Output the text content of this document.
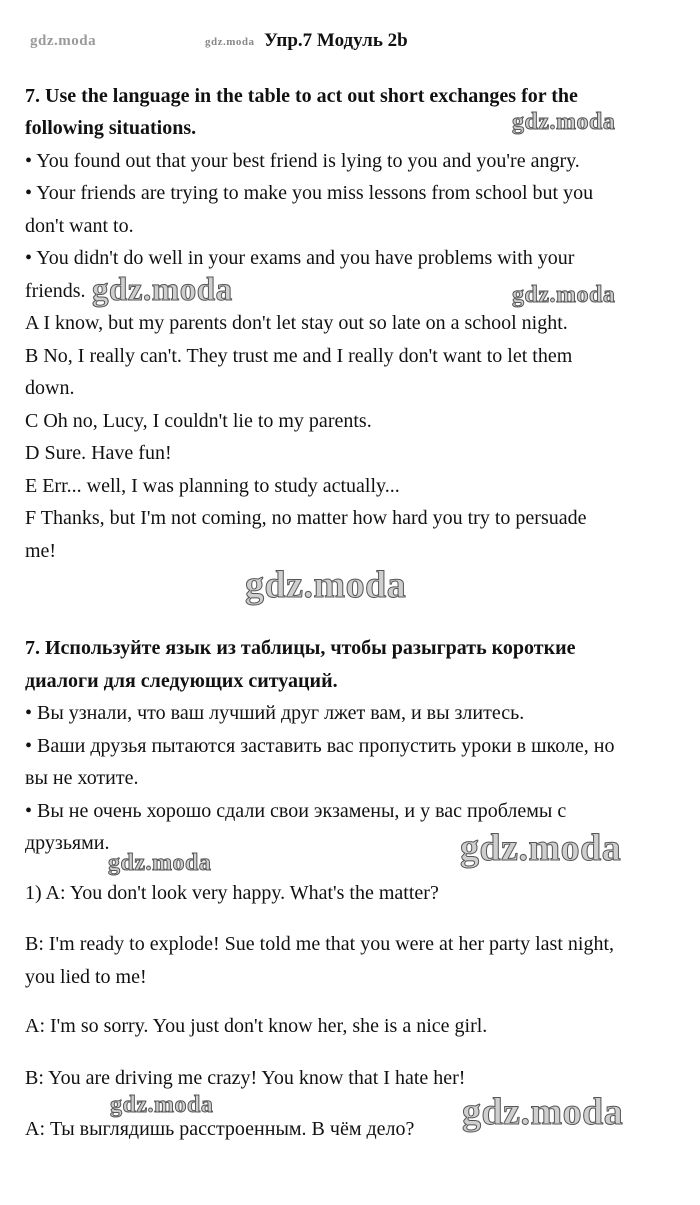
gdz.moda	gdz.moda Упр.7 Модуль 2b

7. Use the language in the table to act out short exchanges for the

following situations.	gdz.moda

• You found out that your best friend is lying to you and you're angry.

• Your friends are trying to make you miss lessons from school but you

don't want to.

• You didn't do well in your exams and you have problems with your

friends. gdz.moda	gdz.moda

A I know, but my parents don't let stay out so late on a school night.

B No, I really can't. They trust me and I really don't want to let them

down.

C Oh no, Lucy, I couldn't lie to my parents.

D Sure. Have fun!

E Err... well, I was planning to study actually...

F Thanks, but I'm not coming, no matter how hard you try to persuade

me!

gdz.moda

7. Используйте язык из таблицы, чтобы разыграть короткие

диалоги для следующих ситуаций.

• Вы узнали, что ваш лучший друг лжет вам, и вы злитесь.

• Ваши друзья пытаются заставить вас пропустить уроки в школе, но

вы не хотите.

• Вы не очень хорошо сдали свои экзамены, и у вас проблемы с

друзьями.

gdz.moda	gdz.moda

1) A: You don't look very happy. What's the matter?

B: I'm ready to explode! Sue told me that you were at her party last night,

you lied to me!

A: I'm so sorry. You just don't know her, she is a nice girl.

B: You are driving me crazy! You know that I hate her!

gdz.moda	gdz.moda

A: Ты выглядишь расстроенным. В чём дело?
